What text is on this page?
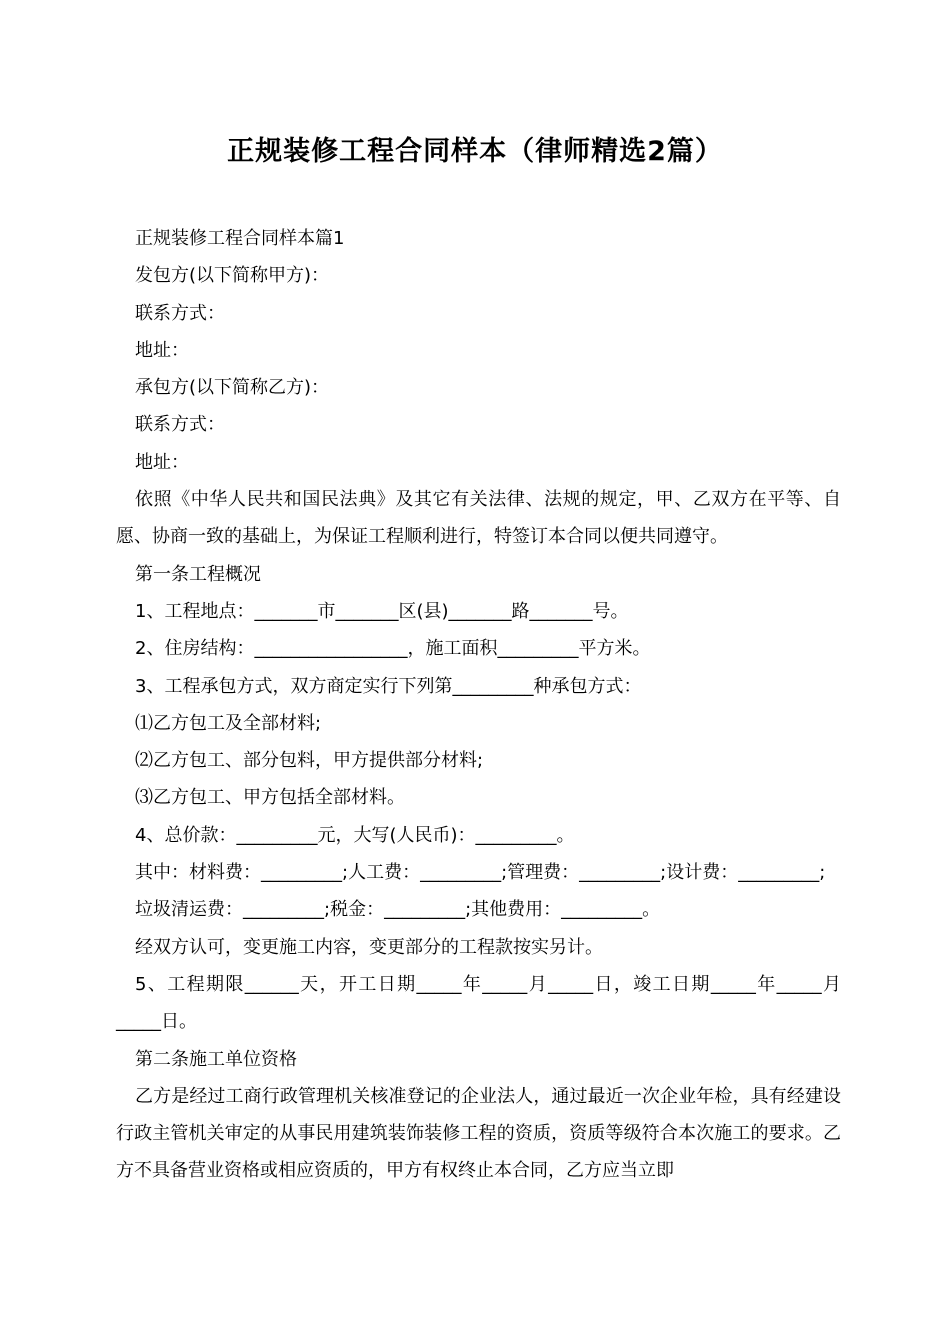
正规装修工程合同样本（律师精选2篇）

正规装修工程合同样本篇1

发包方(以下简称甲方)：

联系方式：

地址：

承包方(以下简称乙方)：

联系方式：

地址：

依照《中华人民共和国民法典》及其它有关法律、法规的规定，甲、乙双方在平等、自愿、协商一致的基础上，为保证工程顺利进行，特签订本合同以便共同遵守。

第一条工程概况

1、工程地点：_______市_______区(县)_______路_______号。

2、住房结构：_________________，施工面积_________平方米。

3、工程承包方式，双方商定实行下列第_________种承包方式：

⑴乙方包工及全部材料;

⑵乙方包工、部分包料，甲方提供部分材料;

⑶乙方包工、甲方包括全部材料。

4、总价款：_________元，大写(人民币)：_________。

其中：材料费：_________;人工费：_________;管理费：_________;设计费：_________;

垃圾清运费：_________;税金：_________;其他费用：_________。

经双方认可，变更施工内容，变更部分的工程款按实另计。

5、工程期限______天，开工日期_____年_____月_____日，竣工日期_____年_____月_____日。

第二条施工单位资格

乙方是经过工商行政管理机关核准登记的企业法人，通过最近一次企业年检，具有经建设行政主管机关审定的从事民用建筑装饰装修工程的资质，资质等级符合本次施工的要求。乙方不具备营业资格或相应资质的，甲方有权终止本合同，乙方应当立即
